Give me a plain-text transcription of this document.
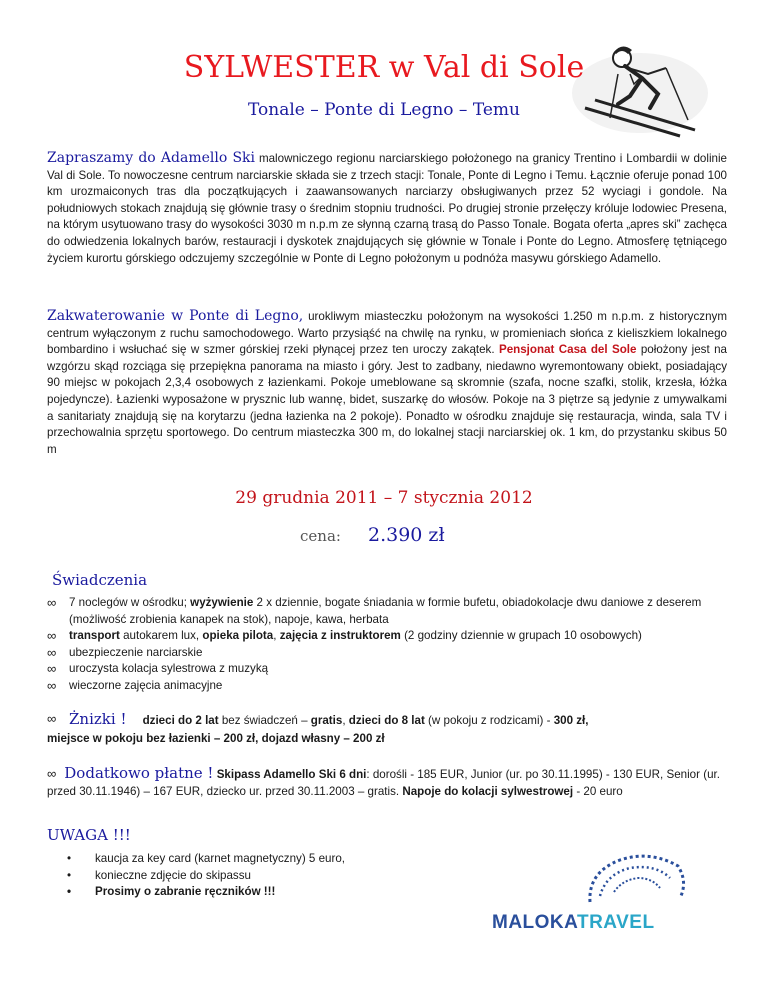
SYLWESTER w Val di Sole
Tonale – Ponte di Legno – Temu

Zapraszamy do Adamello Ski malowniczego regionu narciarskiego położonego na granicy Trentino i Lombardii w dolinie Val di Sole. To nowoczesne centrum narciarskie składa sie z trzech stacji: Tonale, Ponte di Legno i Temu. Łącznie oferuje ponad 100 km urozmaiconych tras dla początkujących i zaawansowanych narciarzy obsługiwanych przez 52 wyciagi i gondole. Na południowych stokach znajdują się głównie trasy o średnim stopniu trudności. Po drugiej stronie przełęczy króluje lodowiec Presena, na którym usytuowano trasy do wysokości 3030 m n.p.m ze słynną czarną trasą do Passo Tonale. Bogata oferta „apres ski” zachęca do odwiedzenia lokalnych barów, restauracji i dyskotek znajdujących się głównie w Tonale i Ponte do Legno. Atmosferę tętniącego życiem kurortu górskiego odczujemy szczególnie w Ponte di Legno położonym u podnóża masywu górskiego Adamello.

Zakwaterowanie w Ponte di Legno, urokliwym miasteczku położonym na wysokości 1.250 m n.p.m. z historycznym centrum wyłączonym z ruchu samochodowego. Warto przysiąść na chwilę na rynku, w promieniach słońca z kieliszkiem lokalnego bombardino i wsłuchać się w szmer górskiej rzeki płynącej przez ten uroczy zakątek. Pensjonat Casa del Sole położony jest na wzgórzu skąd rozciąga się przepiękna panorama na miasto i góry. Jest to zadbany, niedawno wyremontowany obiekt, posiadający 90 miejsc w pokojach 2,3,4 osobowych z łazienkami. Pokoje umeblowane są skromnie (szafa, nocne szafki, stolik, krzesła, łóżka pojedyncze). Łazienki wyposażone w prysznic lub wannę, bidet, suszarkę do włosów. Pokoje na 3 piętrze są jedynie z umywalkami a sanitariaty znajdują się na korytarzu (jedna łazienka na 2 pokoje). Ponadto w ośrodku znajduje się restauracja, winda, sala TV i przechowalnia sprzętu sportowego. Do centrum miasteczka 300 m, do lokalnej stacji narciarskiej ok. 1 km, do przystanku skibus 50 m

29 grudnia 2011 – 7 stycznia 2012
cena: 2.390 zł
Świadczenia
∞ 7 noclegów w ośrodku; wyżywienie 2 x dziennie, bogate śniadania w formie bufetu, obiadokolacje dwu daniowe z deserem (możliwość zrobienia kanapek na stok), napoje, kawa, herbata
∞ transport autokarem lux, opieka pilota, zajęcia z instruktorem (2 godziny dziennie w grupach 10 osobowych)
∞ ubezpieczenie narciarskie
∞ uroczysta kolacja sylestrowa z muzyką
∞ wieczorne zajęcia animacyjne
∞ Żnizki ! dzieci do 2 lat bez świadczeń – gratis, dzieci do 8 lat (w pokoju z rodzicami) - 300 zł,
miejsce w pokoju bez łazienki – 200 zł, dojazd własny – 200 zł
∞ Dodatkowo płatne ! Skipass Adamello Ski 6 dni: dorośli - 185 EUR, Junior (ur. po 30.11.1995) - 130 EUR, Senior (ur. przed 30.11.1946) – 167 EUR, dziecko ur. przed 30.11.2003 – gratis. Napoje do kolacji sylwestrowej - 20 euro
UWAGA !!!
• kaucja za key card (karnet magnetyczny) 5 euro,
• konieczne zdjęcie do skipassu
• Prosimy o zabranie ręczników !!!
MALOKATRAVEL
